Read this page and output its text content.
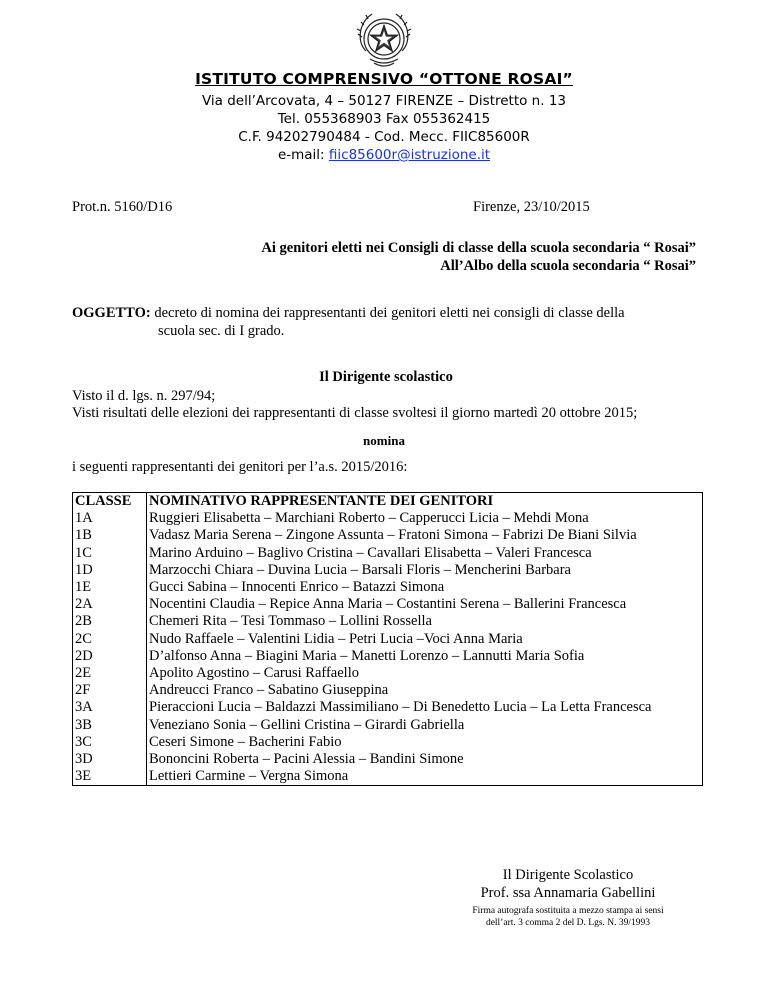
ISTITUTO COMPRENSIVO “OTTONE ROSAI”
Via dell’Arcovata, 4 – 50127 FIRENZE – Distretto n. 13
Tel. 055368903 Fax 055362415
C.F. 94202790484 - Cod. Mecc. FIIC85600R
e-mail: fiic85600r@istruzione.it
Prot.n. 5160/D16	Firenze, 23/10/2015
Ai genitori eletti nei Consigli di classe della scuola secondaria “ Rosai”
All’Albo della scuola secondaria “ Rosai”
OGGETTO: decreto di nomina dei rappresentanti dei genitori eletti nei consigli di classe della
scuola sec. di I grado.
Il Dirigente scolastico
Visto il d. lgs. n. 297/94;
Visti risultati delle elezioni dei rappresentanti di classe svoltesi il giorno martedì 20 ottobre 2015;
nomina
i seguenti rappresentanti dei genitori per l’a.s. 2015/2016:
CLASSE	NOMINATIVO RAPPRESENTANTE DEI GENITORI
1A	Ruggieri Elisabetta – Marchiani Roberto – Capperucci Licia – Mehdi Mona
1B	Vadasz Maria Serena – Zingone Assunta – Fratoni Simona – Fabrizi De Biani Silvia
1C	Marino Arduino – Baglivo Cristina – Cavallari Elisabetta – Valeri Francesca
1D	Marzocchi Chiara – Duvina Lucia – Barsali Floris – Mencherini Barbara
1E	Gucci Sabina – Innocenti Enrico – Batazzi Simona
2A	Nocentini Claudia – Repice Anna Maria – Costantini Serena – Ballerini Francesca
2B	Chemeri Rita – Tesi Tommaso – Lollini Rossella
2C	Nudo Raffaele – Valentini Lidia – Petri Lucia –Voci Anna Maria
2D	D’alfonso Anna – Biagini Maria – Manetti Lorenzo – Lannutti Maria Sofia
2E	Apolito Agostino – Carusi Raffaello
2F	Andreucci Franco – Sabatino Giuseppina
3A	Pieraccioni Lucia – Baldazzi Massimiliano – Di Benedetto Lucia – La Letta Francesca
3B	Veneziano Sonia – Gellini Cristina – Girardi Gabriella
3C	Ceseri Simone – Bacherini Fabio
3D	Bononcini Roberta – Pacini Alessia – Bandini Simone
3E	Lettieri Carmine – Vergna Simona
Il Dirigente Scolastico
Prof. ssa Annamaria Gabellini
Firma autografa sostituita a mezzo stampa ai sensi
dell’art. 3 comma 2 del D. Lgs. N. 39/1993
